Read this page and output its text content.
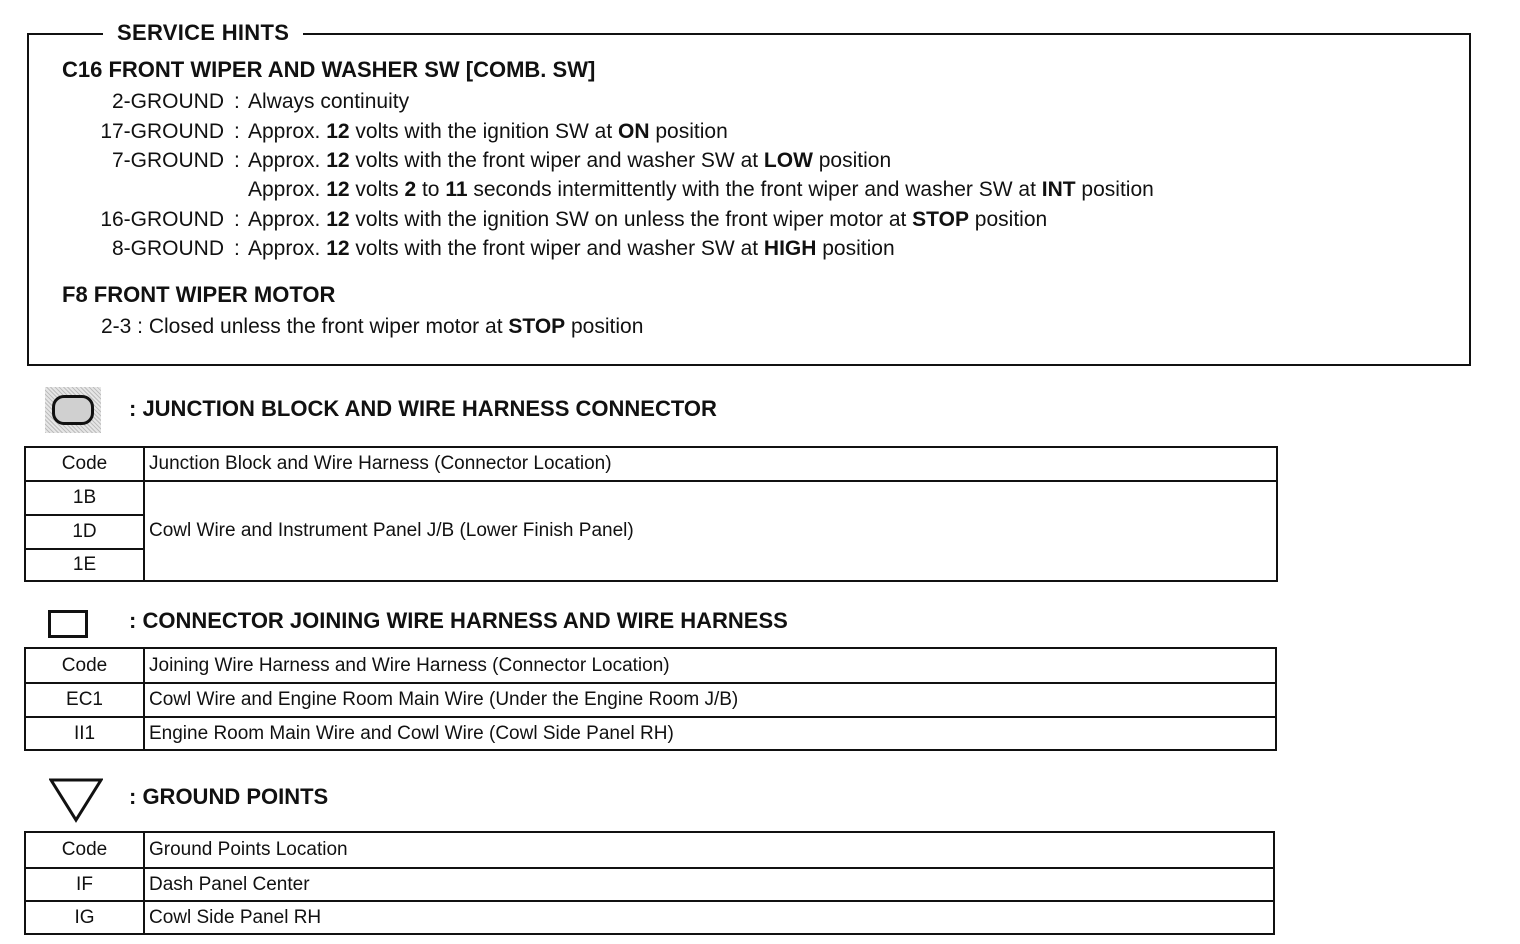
SERVICE HINTS
C16 FRONT WIPER AND WASHER SW [COMB. SW]
2-GROUND : Always continuity
17-GROUND : Approx. 12 volts with the ignition SW at ON position
7-GROUND : Approx. 12 volts with the front wiper and washer SW at LOW position
Approx. 12 volts 2 to 11 seconds intermittently with the front wiper and washer SW at INT position
16-GROUND : Approx. 12 volts with the ignition SW on unless the front wiper motor at STOP position
8-GROUND : Approx. 12 volts with the front wiper and washer SW at HIGH position
F8 FRONT WIPER MOTOR
2-3 : Closed unless the front wiper motor at STOP position
: JUNCTION BLOCK AND WIRE HARNESS CONNECTOR
Code	Junction Block and Wire Harness (Connector Location)
1B	Cowl Wire and Instrument Panel J/B (Lower Finish Panel)
1D	
1E	
: CONNECTOR JOINING WIRE HARNESS AND WIRE HARNESS
Code	Joining Wire Harness and Wire Harness (Connector Location)
EC1	Cowl Wire and Engine Room Main Wire (Under the Engine Room J/B)
II1	Engine Room Main Wire and Cowl Wire (Cowl Side Panel RH)
: GROUND POINTS
Code	Ground Points Location
IF	Dash Panel Center
IG	Cowl Side Panel RH
